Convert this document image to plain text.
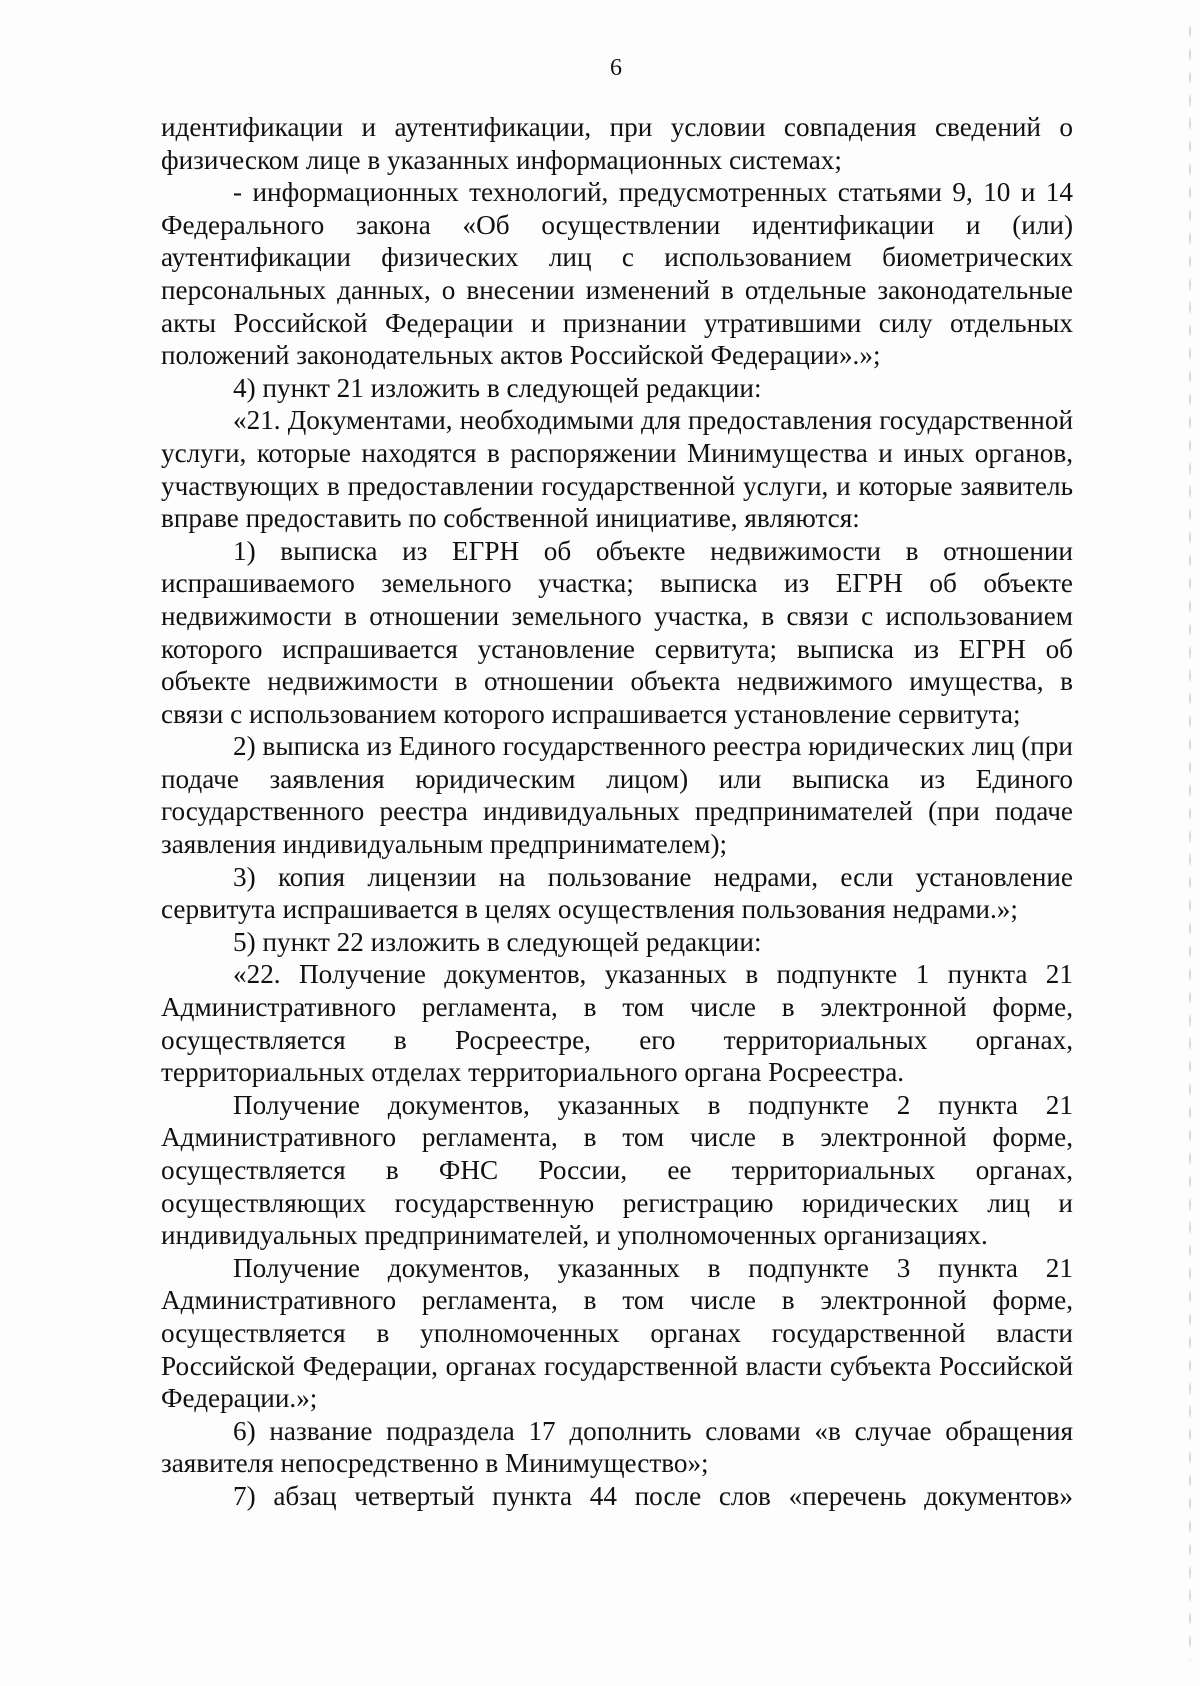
6

идентификации и аутентификации, при условии совпадения сведений о физическом лице в указанных информационных системах;

- информационных технологий, предусмотренных статьями 9, 10 и 14 Федерального закона «Об осуществлении идентификации и (или) аутентификации физических лиц с использованием биометрических персональных данных, о внесении изменений в отдельные законодательные акты Российской Федерации и признании утратившими силу отдельных положений законодательных актов Российской Федерации».»;

4) пункт 21 изложить в следующей редакции:

«21. Документами, необходимыми для предоставления государственной услуги, которые находятся в распоряжении Минимущества и иных органов, участвующих в предоставлении государственной услуги, и которые заявитель вправе предоставить по собственной инициативе, являются:

1) выписка из ЕГРН об объекте недвижимости в отношении испрашиваемого земельного участка; выписка из ЕГРН об объекте недвижимости в отношении земельного участка, в связи с использованием которого испрашивается установление сервитута; выписка из ЕГРН об объекте недвижимости в отношении объекта недвижимого имущества, в связи с использованием которого испрашивается установление сервитута;

2) выписка из Единого государственного реестра юридических лиц (при подаче заявления юридическим лицом) или выписка из Единого государственного реестра индивидуальных предпринимателей (при подаче заявления индивидуальным предпринимателем);

3) копия лицензии на пользование недрами, если установление сервитута испрашивается в целях осуществления пользования недрами.»;

5) пункт 22 изложить в следующей редакции:

«22. Получение документов, указанных в подпункте 1 пункта 21 Административного регламента, в том числе в электронной форме, осуществляется в Росреестре, его территориальных органах, территориальных отделах территориального органа Росреестра.

Получение документов, указанных в подпункте 2 пункта 21 Административного регламента, в том числе в электронной форме, осуществляется в ФНС России, ее территориальных органах, осуществляющих государственную регистрацию юридических лиц и индивидуальных предпринимателей, и уполномоченных организациях.

Получение документов, указанных в подпункте 3 пункта 21 Административного регламента, в том числе в электронной форме, осуществляется в уполномоченных органах государственной власти Российской Федерации, органах государственной власти субъекта Российской Федерации.»;

6) название подраздела 17 дополнить словами «в случае обращения заявителя непосредственно в Минимущество»;

7) абзац четвертый пункта 44 после слов «перечень документов»
